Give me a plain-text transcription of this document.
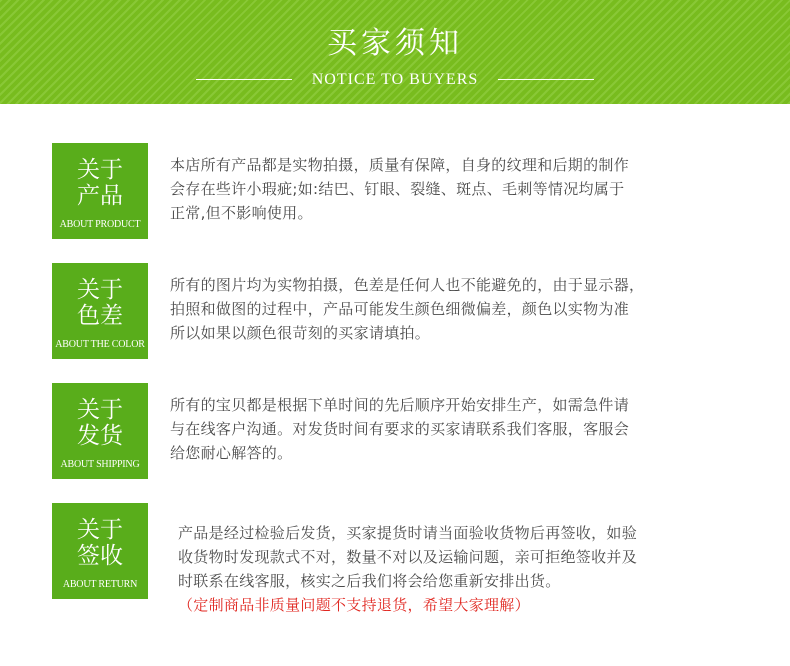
买家须知
NOTICE TO BUYERS
关于
产品
ABOUT PRODUCT
本店所有产品都是实物拍摄，质量有保障，自身的纹理和后期的制作
会存在些许小瑕疵;如:结巴、钉眼、裂缝、斑点、毛刺等情况均属于
正常,但不影响使用。
关于
色差
ABOUT THE COLOR
所有的图片均为实物拍摄，色差是任何人也不能避免的，由于显示器，
拍照和做图的过程中，产品可能发生颜色细微偏差，颜色以实物为准
所以如果以颜色很苛刻的买家请填拍。
关于
发货
ABOUT SHIPPING
所有的宝贝都是根据下单时间的先后顺序开始安排生产，如需急件请
与在线客户沟通。对发货时间有要求的买家请联系我们客服，客服会
给您耐心解答的。
关于
签收
ABOUT RETURN
产品是经过检验后发货，买家提货时请当面验收货物后再签收，如验
收货物时发现款式不对，数量不对以及运输问题，亲可拒绝签收并及
时联系在线客服，核实之后我们将会给您重新安排出货。
（定制商品非质量问题不支持退货，希望大家理解）
